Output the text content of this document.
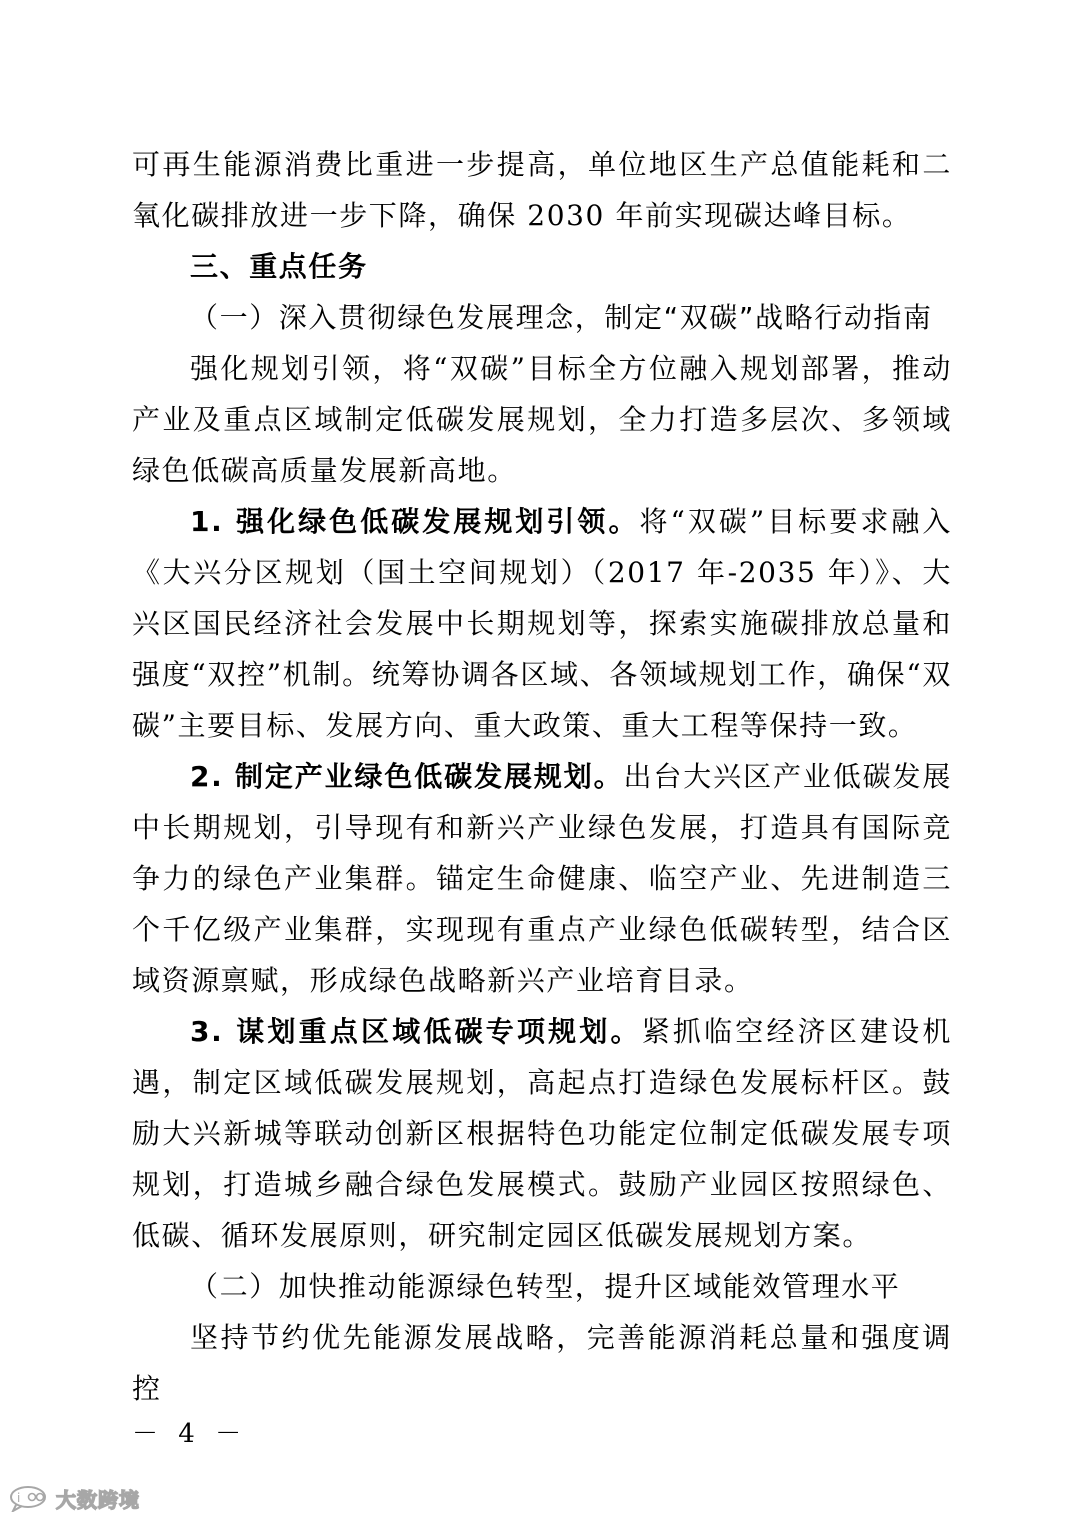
可再生能源消费比重进一步提高，单位地区生产总值能耗和二氧化碳排放进一步下降，确保 2030 年前实现碳达峰目标。

三、重点任务

（一）深入贯彻绿色发展理念，制定“双碳”战略行动指南

强化规划引领，将“双碳”目标全方位融入规划部署，推动产业及重点区域制定低碳发展规划，全力打造多层次、多领域绿色低碳高质量发展新高地。

1. 强化绿色低碳发展规划引领。将“双碳”目标要求融入《大兴分区规划（国土空间规划）（2017 年-2035 年）》、大兴区国民经济社会发展中长期规划等，探索实施碳排放总量和强度“双控”机制。统筹协调各区域、各领域规划工作，确保“双碳”主要目标、发展方向、重大政策、重大工程等保持一致。

2. 制定产业绿色低碳发展规划。出台大兴区产业低碳发展中长期规划，引导现有和新兴产业绿色发展，打造具有国际竞争力的绿色产业集群。锚定生命健康、临空产业、先进制造三个千亿级产业集群，实现现有重点产业绿色低碳转型，结合区域资源禀赋，形成绿色战略新兴产业培育目录。

3. 谋划重点区域低碳专项规划。紧抓临空经济区建设机遇，制定区域低碳发展规划，高起点打造绿色发展标杆区。鼓励大兴新城等联动创新区根据特色功能定位制定低碳发展专项规划，打造城乡融合绿色发展模式。鼓励产业园区按照绿色、低碳、循环发展原则，研究制定园区低碳发展规划方案。

（二）加快推动能源绿色转型，提升区域能效管理水平

坚持节约优先能源发展战略，完善能源消耗总量和强度调控

－ 4 －
i 大数跨境
